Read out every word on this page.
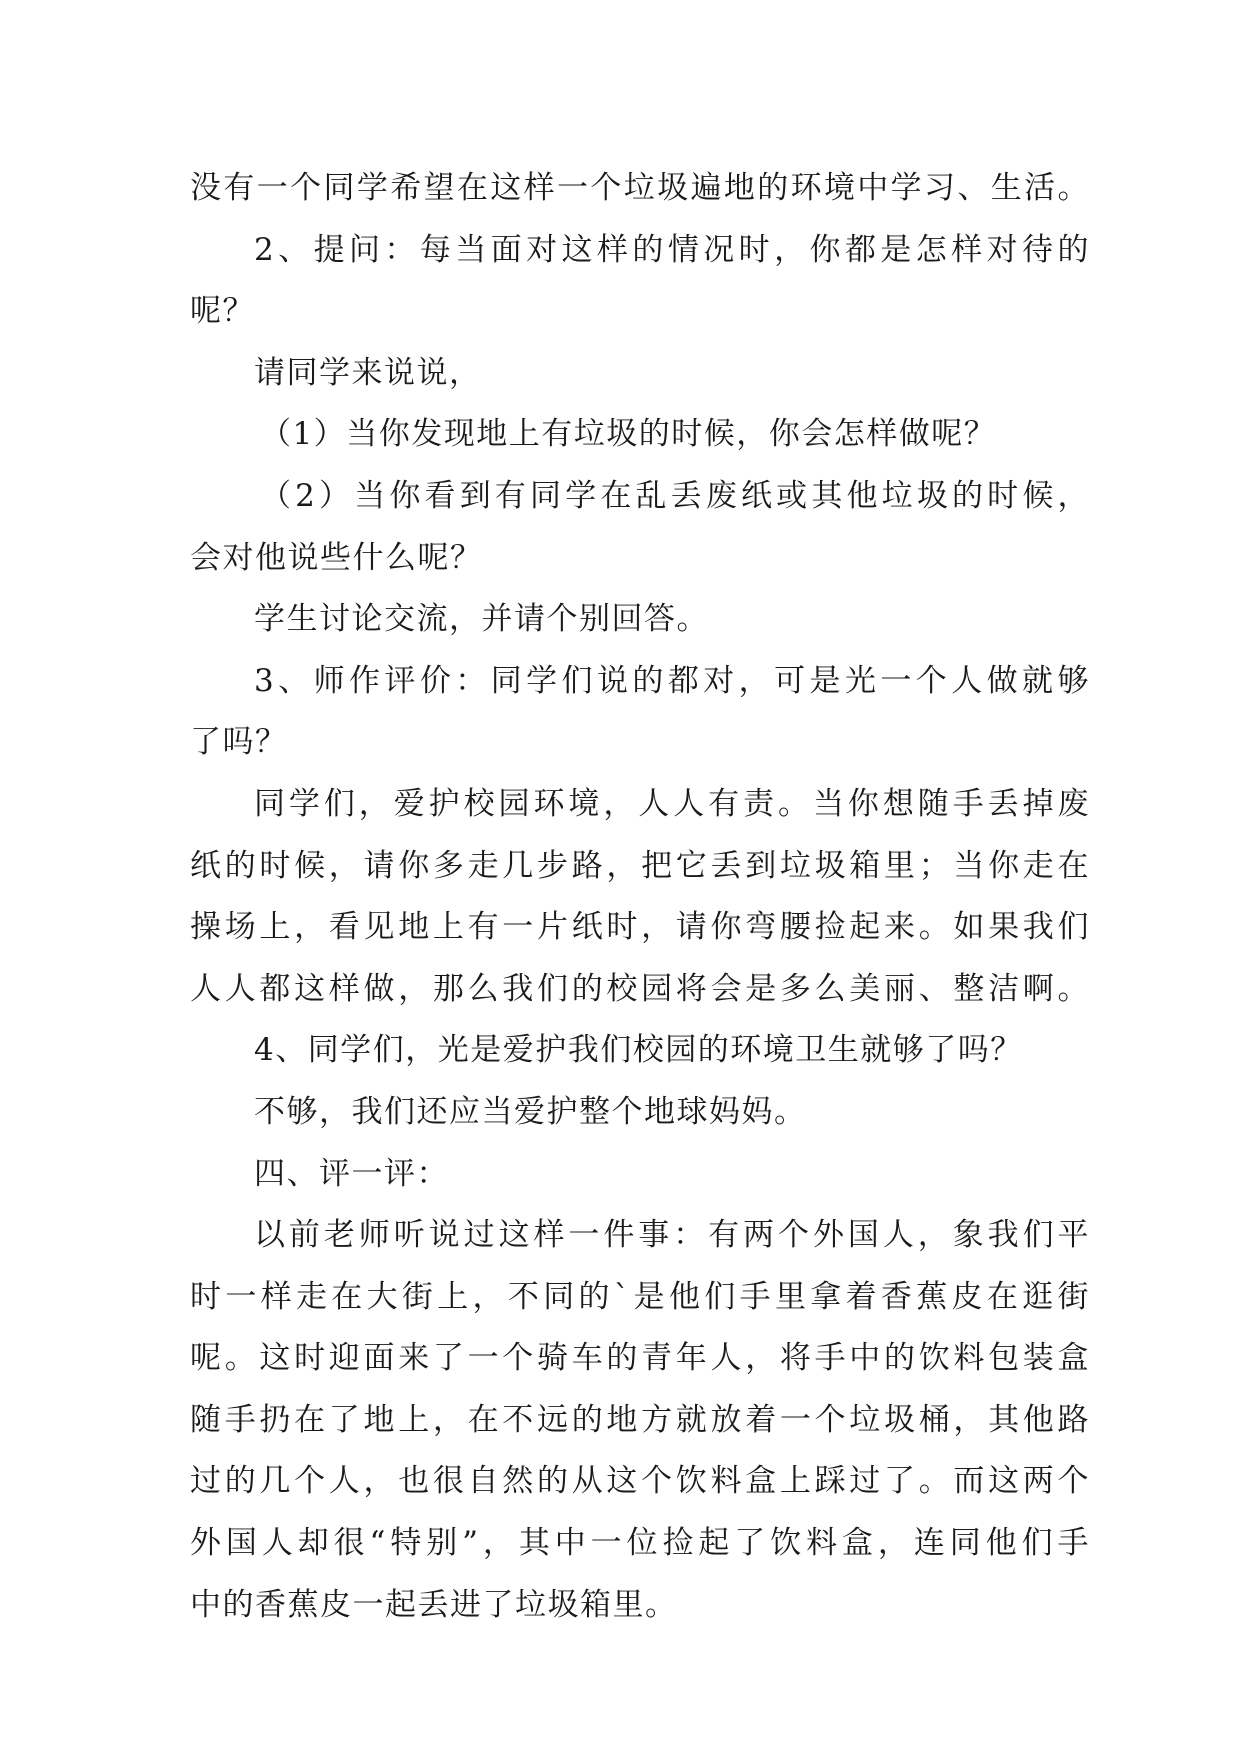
没有一个同学希望在这样一个垃圾遍地的环境中学习、生活。
2、提问：每当面对这样的情况时，你都是怎样对待的
呢？
请同学来说说，
（1）当你发现地上有垃圾的时候，你会怎样做呢？
（2）当你看到有同学在乱丢废纸或其他垃圾的时候，
会对他说些什么呢？
学生讨论交流，并请个别回答。
3、师作评价：同学们说的都对，可是光一个人做就够
了吗？
同学们，爱护校园环境，人人有责。当你想随手丢掉废
纸的时候，请你多走几步路，把它丢到垃圾箱里；当你走在
操场上，看见地上有一片纸时，请你弯腰捡起来。如果我们
人人都这样做，那么我们的校园将会是多么美丽、整洁啊。
4、同学们，光是爱护我们校园的环境卫生就够了吗？
不够，我们还应当爱护整个地球妈妈。
四、评一评：
以前老师听说过这样一件事：有两个外国人，象我们平
时一样走在大街上，不同的`是他们手里拿着香蕉皮在逛街
呢。这时迎面来了一个骑车的青年人，将手中的饮料包装盒
随手扔在了地上，在不远的地方就放着一个垃圾桶，其他路
过的几个人，也很自然的从这个饮料盒上踩过了。而这两个
外国人却很“特别”，其中一位捡起了饮料盒，连同他们手
中的香蕉皮一起丢进了垃圾箱里。
